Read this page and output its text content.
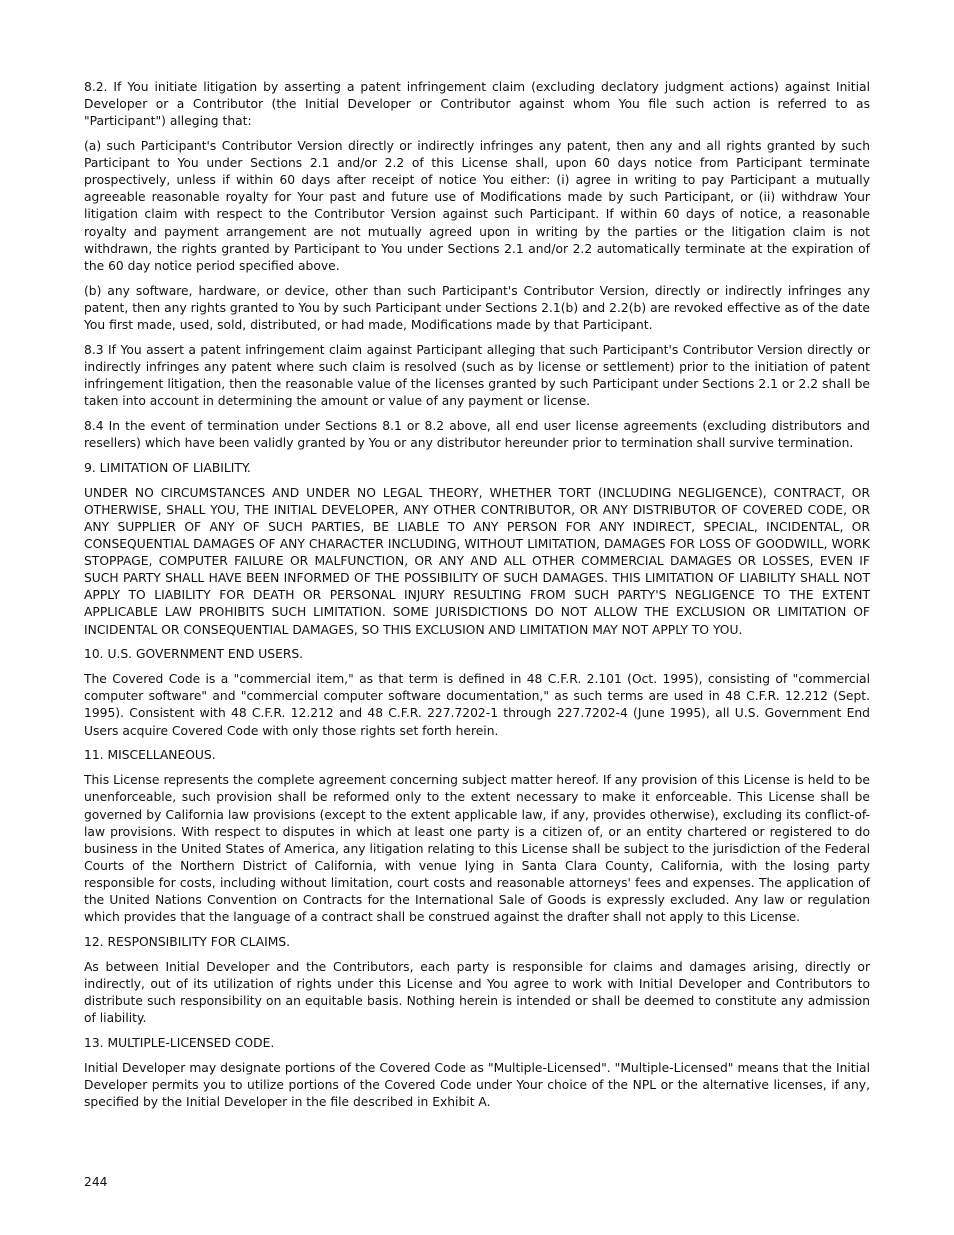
8.2. If You initiate litigation by asserting a patent infringement claim (excluding declatory judgment actions) against Initial Developer or a Contributor (the Initial Developer or Contributor against whom You file such action is referred to as "Participant") alleging that:

(a) such Participant's Contributor Version directly or indirectly infringes any patent, then any and all rights granted by such Participant to You under Sections 2.1 and/or 2.2 of this License shall, upon 60 days notice from Participant terminate prospectively, unless if within 60 days after receipt of notice You either: (i) agree in writing to pay Participant a mutually agreeable reasonable royalty for Your past and future use of Modifications made by such Participant, or (ii) withdraw Your litigation claim with respect to the Contributor Version against such Participant. If within 60 days of notice, a reasonable royalty and payment arrangement are not mutually agreed upon in writing by the parties or the litigation claim is not withdrawn, the rights granted by Participant to You under Sections 2.1 and/or 2.2 automatically terminate at the expiration of the 60 day notice period specified above.

(b) any software, hardware, or device, other than such Participant's Contributor Version, directly or indirectly infringes any patent, then any rights granted to You by such Participant under Sections 2.1(b) and 2.2(b) are revoked effective as of the date You first made, used, sold, distributed, or had made, Modifications made by that Participant.

8.3 If You assert a patent infringement claim against Participant alleging that such Participant's Contributor Version directly or indirectly infringes any patent where such claim is resolved (such as by license or settlement) prior to the initiation of patent infringement litigation, then the reasonable value of the licenses granted by such Participant under Sections 2.1 or 2.2 shall be taken into account in determining the amount or value of any payment or license.

8.4 In the event of termination under Sections 8.1 or 8.2 above, all end user license agreements (excluding distributors and resellers) which have been validly granted by You or any distributor hereunder prior to termination shall survive termination.

9. LIMITATION OF LIABILITY.

UNDER NO CIRCUMSTANCES AND UNDER NO LEGAL THEORY, WHETHER TORT (INCLUDING NEGLIGENCE), CONTRACT, OR OTHERWISE, SHALL YOU, THE INITIAL DEVELOPER, ANY OTHER CONTRIBUTOR, OR ANY DISTRIBUTOR OF COVERED CODE, OR ANY SUPPLIER OF ANY OF SUCH PARTIES, BE LIABLE TO ANY PERSON FOR ANY INDIRECT, SPECIAL, INCIDENTAL, OR CONSEQUENTIAL DAMAGES OF ANY CHARACTER INCLUDING, WITHOUT LIMITATION, DAMAGES FOR LOSS OF GOODWILL, WORK STOPPAGE, COMPUTER FAILURE OR MALFUNCTION, OR ANY AND ALL OTHER COMMERCIAL DAMAGES OR LOSSES, EVEN IF SUCH PARTY SHALL HAVE BEEN INFORMED OF THE POSSIBILITY OF SUCH DAMAGES. THIS LIMITATION OF LIABILITY SHALL NOT APPLY TO LIABILITY FOR DEATH OR PERSONAL INJURY RESULTING FROM SUCH PARTY'S NEGLIGENCE TO THE EXTENT APPLICABLE LAW PROHIBITS SUCH LIMITATION. SOME JURISDICTIONS DO NOT ALLOW THE EXCLUSION OR LIMITATION OF INCIDENTAL OR CONSEQUENTIAL DAMAGES, SO THIS EXCLUSION AND LIMITATION MAY NOT APPLY TO YOU.

10. U.S. GOVERNMENT END USERS.

The Covered Code is a "commercial item," as that term is defined in 48 C.F.R. 2.101 (Oct. 1995), consisting of "commercial computer software" and "commercial computer software documentation," as such terms are used in 48 C.F.R. 12.212 (Sept. 1995). Consistent with 48 C.F.R. 12.212 and 48 C.F.R. 227.7202-1 through 227.7202-4 (June 1995), all U.S. Government End Users acquire Covered Code with only those rights set forth herein.

11. MISCELLANEOUS.

This License represents the complete agreement concerning subject matter hereof. If any provision of this License is held to be unenforceable, such provision shall be reformed only to the extent necessary to make it enforceable. This License shall be governed by California law provisions (except to the extent applicable law, if any, provides otherwise), excluding its conflict-of-law provisions. With respect to disputes in which at least one party is a citizen of, or an entity chartered or registered to do business in the United States of America, any litigation relating to this License shall be subject to the jurisdiction of the Federal Courts of the Northern District of California, with venue lying in Santa Clara County, California, with the losing party responsible for costs, including without limitation, court costs and reasonable attorneys' fees and expenses. The application of the United Nations Convention on Contracts for the International Sale of Goods is expressly excluded. Any law or regulation which provides that the language of a contract shall be construed against the drafter shall not apply to this License.

12. RESPONSIBILITY FOR CLAIMS.

As between Initial Developer and the Contributors, each party is responsible for claims and damages arising, directly or indirectly, out of its utilization of rights under this License and You agree to work with Initial Developer and Contributors to distribute such responsibility on an equitable basis. Nothing herein is intended or shall be deemed to constitute any admission of liability.

13. MULTIPLE-LICENSED CODE.

Initial Developer may designate portions of the Covered Code as "Multiple-Licensed". "Multiple-Licensed" means that the Initial Developer permits you to utilize portions of the Covered Code under Your choice of the NPL or the alternative licenses, if any, specified by the Initial Developer in the file described in Exhibit A.

244
